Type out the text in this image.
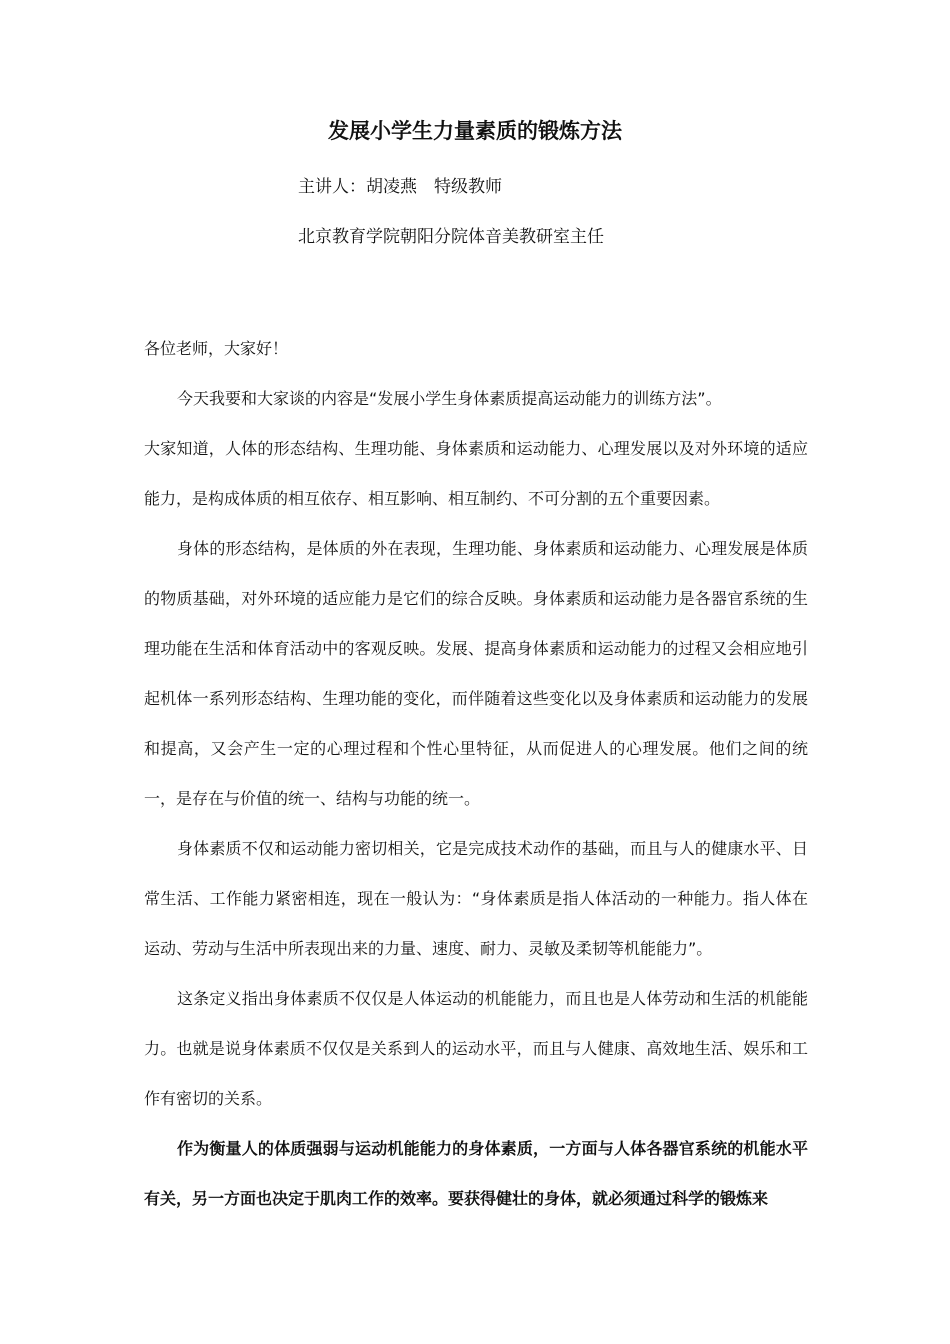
发展小学生力量素质的锻炼方法
主讲人：胡凌燕　特级教师
北京教育学院朝阳分院体音美教研室主任

各位老师，大家好！

今天我要和大家谈的内容是“发展小学生身体素质提高运动能力的训练方法”。

大家知道，人体的形态结构、生理功能、身体素质和运动能力、心理发展以及对外环境的适应能力，是构成体质的相互依存、相互影响、相互制约、不可分割的五个重要因素。

身体的形态结构，是体质的外在表现，生理功能、身体素质和运动能力、心理发展是体质的物质基础，对外环境的适应能力是它们的综合反映。身体素质和运动能力是各器官系统的生理功能在生活和体育活动中的客观反映。发展、提高身体素质和运动能力的过程又会相应地引起机体一系列形态结构、生理功能的变化，而伴随着这些变化以及身体素质和运动能力的发展和提高，又会产生一定的心理过程和个性心里特征，从而促进人的心理发展。他们之间的统一，是存在与价值的统一、结构与功能的统一。

身体素质不仅和运动能力密切相关，它是完成技术动作的基础，而且与人的健康水平、日常生活、工作能力紧密相连，现在一般认为：“身体素质是指人体活动的一种能力。指人体在运动、劳动与生活中所表现出来的力量、速度、耐力、灵敏及柔韧等机能能力”。

这条定义指出身体素质不仅仅是人体运动的机能能力，而且也是人体劳动和生活的机能能力。也就是说身体素质不仅仅是关系到人的运动水平，而且与人健康、高效地生活、娱乐和工作有密切的关系。

作为衡量人的体质强弱与运动机能能力的身体素质，一方面与人体各器官系统的机能水平有关，另一方面也决定于肌肉工作的效率。要获得健壮的身体，就必须通过科学的锻炼来
